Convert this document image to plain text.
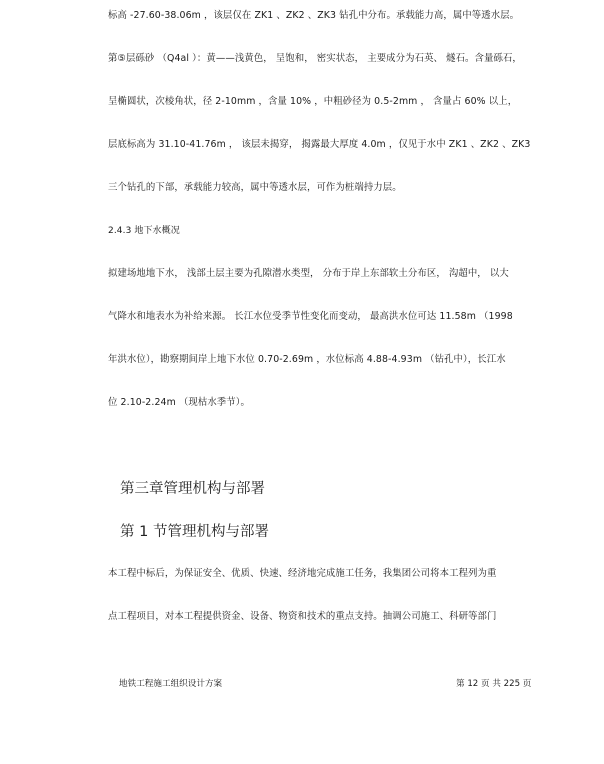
标高 -27.60-38.06m ，该层仅在 ZK1 、ZK2 、ZK3 钻孔中分布。承载能力高，属中等透水层。
第⑤层砾砂 （Q4al ）：黄——浅黄色， 呈饱和， 密实状态， 主要成分为石英、 燧石。含量砾石，
呈椭圆状，次棱角状，径 2-10mm ，含量 10% ，中粗砂径为 0.5-2mm ， 含量占 60% 以上，
层底标高为 31.10-41.76m ， 该层未揭穿， 揭露最大厚度 4.0m ，仅见于水中 ZK1 、ZK2 、ZK3
三个钻孔的下部，承载能力较高，属中等透水层，可作为桩端持力层。
2.4.3 地下水概况
拟建场地地下水， 浅部土层主要为孔隙潜水类型， 分布于岸上东部软土分布区， 沟超中， 以大
气降水和地表水为补给来源。 长江水位受季节性变化而变动， 最高洪水位可达 11.58m （1998
年洪水位），勘察期间岸上地下水位 0.70-2.69m ，水位标高 4.88-4.93m （钻孔中），长江水
位 2.10-2.24m （现枯水季节）。
第三章管理机构与部署
第 1 节管理机构与部署
本工程中标后，为保证安全、优质、快速、经济地完成施工任务，我集团公司将本工程列为重
点工程项目，对本工程提供资金、设备、物资和技术的重点支持。抽调公司施工、科研等部门
地铁工程施工组织设计方案	第 12 页 共 225 页
